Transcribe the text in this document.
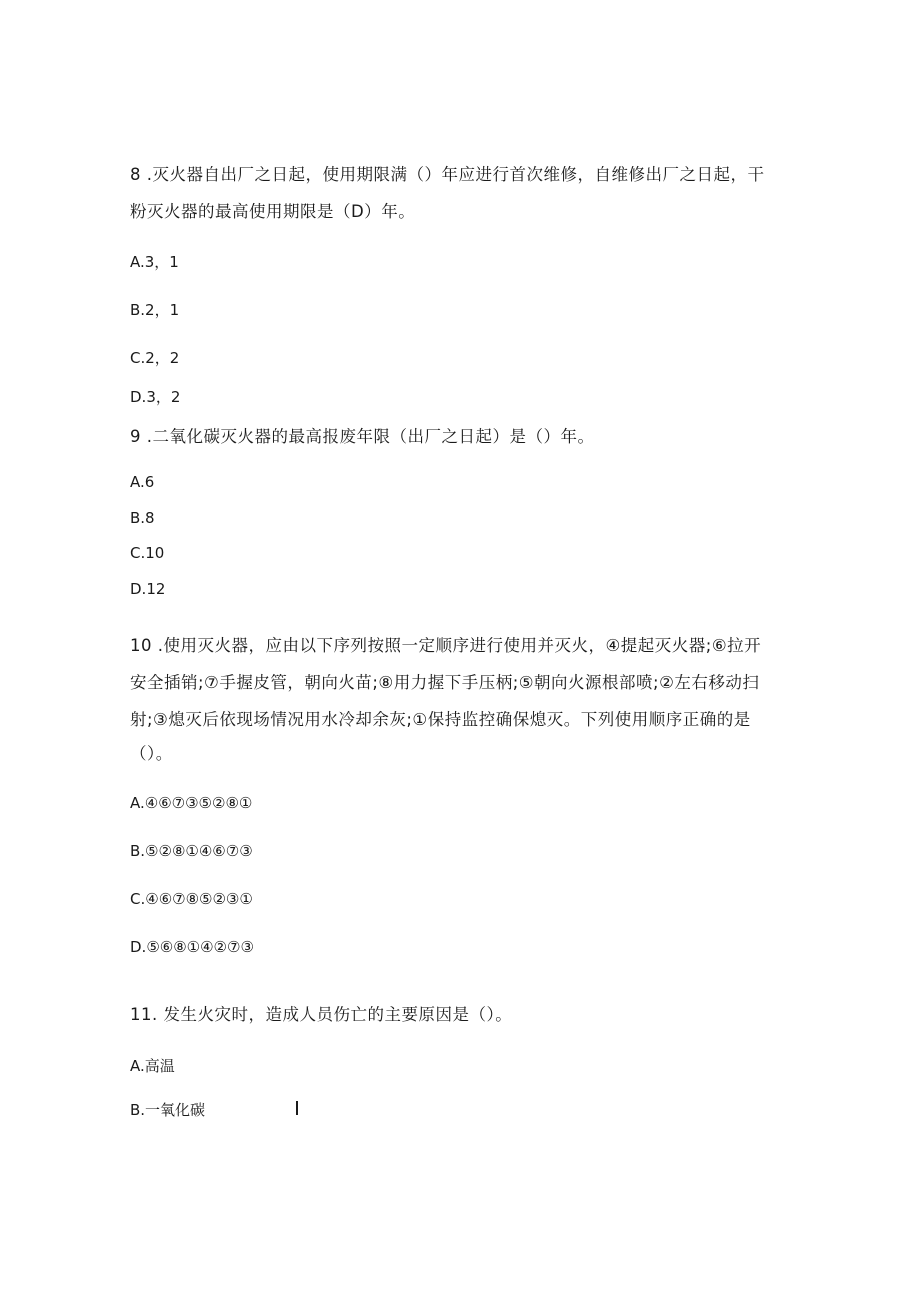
8 .灭火器自出厂之日起，使用期限满（）年应进行首次维修，自维修出厂之日起，干
粉灭火器的最高使用期限是（D）年。
A.3，1
B.2，1
C.2，2
D.3，2
9 .二氧化碳灭火器的最高报废年限（出厂之日起）是（）年。
A.6
B.8
C.10
D.12
10 .使用灭火器，应由以下序列按照一定顺序进行使用并灭火，④提起灭火器;⑥拉开
安全插销;⑦手握皮管，朝向火苗;⑧用力握下手压柄;⑤朝向火源根部喷;②左右移动扫
射;③熄灭后依现场情况用水冷却余灰;①保持监控确保熄灭。下列使用顺序正确的是
（）。
A.④⑥⑦③⑤②⑧①
B.⑤②⑧①④⑥⑦③
C.④⑥⑦⑧⑤②③①
D.⑤⑥⑧①④②⑦③
11. 发生火灾时，造成人员伤亡的主要原因是（）。
A.高温
B.一氧化碳
